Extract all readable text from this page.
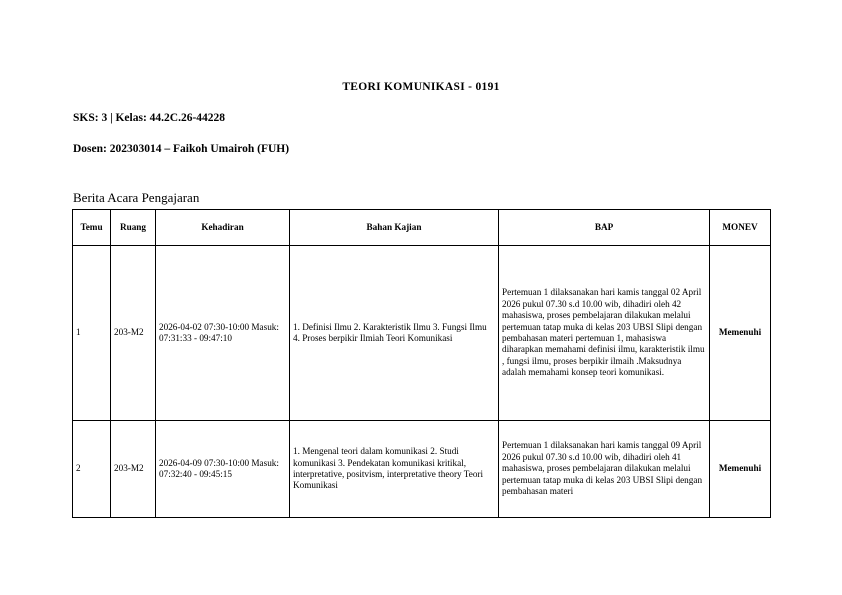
TEORI KOMUNIKASI - 0191
SKS: 3 | Kelas: 44.2C.26-44228
Dosen: 202303014 – Faikoh Umairoh (FUH)
Berita Acara Pengajaran
Temu	Ruang	Kehadiran	Bahan Kajian	BAP	MONEV
1	203-M2	2026-04-02 07:30-10:00 Masuk: 07:31:33 - 09:47:10	1. Definisi Ilmu 2. Karakteristik Ilmu 3. Fungsi Ilmu 4. Proses berpikir Ilmiah Teori Komunikasi	Pertemuan 1 dilaksanakan hari kamis tanggal 02 April 2026 pukul 07.30 s.d 10.00 wib, dihadiri oleh 42 mahasiswa, proses pembelajaran dilakukan melalui pertemuan tatap muka di kelas 203 UBSI Slipi dengan pembahasan materi pertemuan 1, mahasiswa diharapkan memahami definisi ilmu, karakteristik ilmu , fungsi ilmu, proses berpikir ilmaih .Maksudnya adalah memahami konsep teori komunikasi.	Memenuhi
2	203-M2	2026-04-09 07:30-10:00 Masuk: 07:32:40 - 09:45:15	1. Mengenal teori dalam komunikasi 2. Studi komunikasi 3. Pendekatan komunikasi kritikal, interpretative, positvism, interpretative theory Teori Komunikasi	Pertemuan 1 dilaksanakan hari kamis tanggal 09 April 2026 pukul 07.30 s.d 10.00 wib, dihadiri oleh 41 mahasiswa, proses pembelajaran dilakukan melalui pertemuan tatap muka di kelas 203 UBSI Slipi dengan pembahasan materi	Memenuhi
